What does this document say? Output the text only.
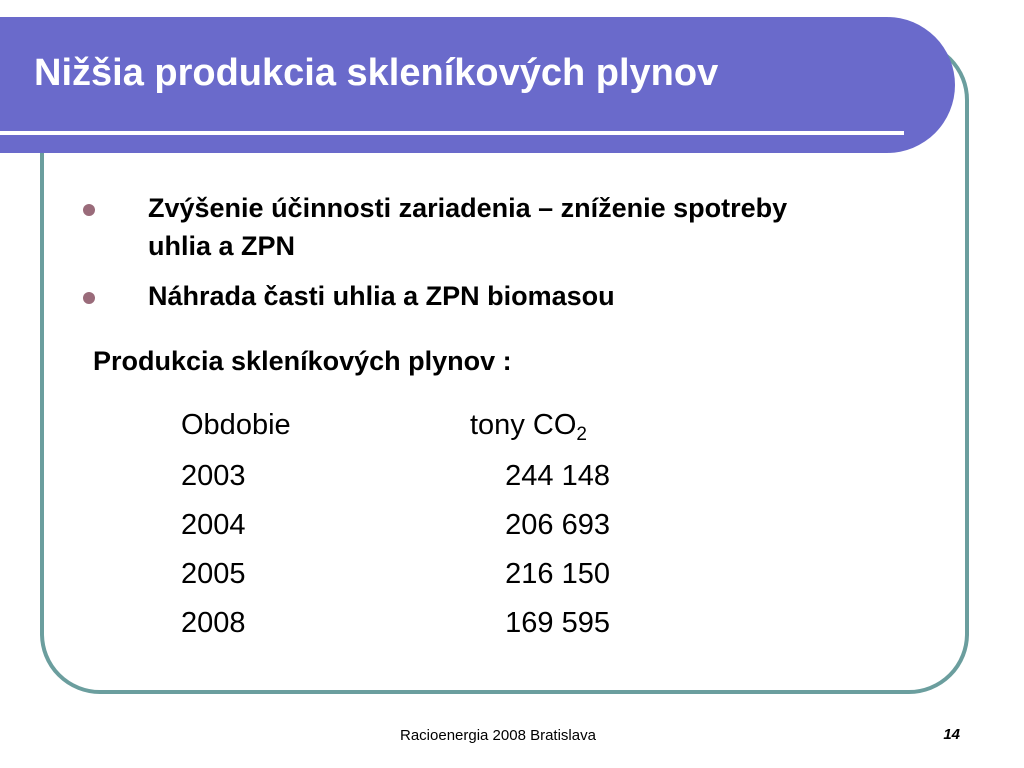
Nižšia produkcia skleníkových plynov
Zvýšenie účinnosti zariadenia – zníženie spotreby uhlia a ZPN
Náhrada časti uhlia a ZPN biomasou
Produkcia skleníkových plynov :
Obdobie	tony $CO_2$
2003	244 148
2004	206 693
2005	216 150
2008	169 595
Racioenergia 2008 Bratislava	14
